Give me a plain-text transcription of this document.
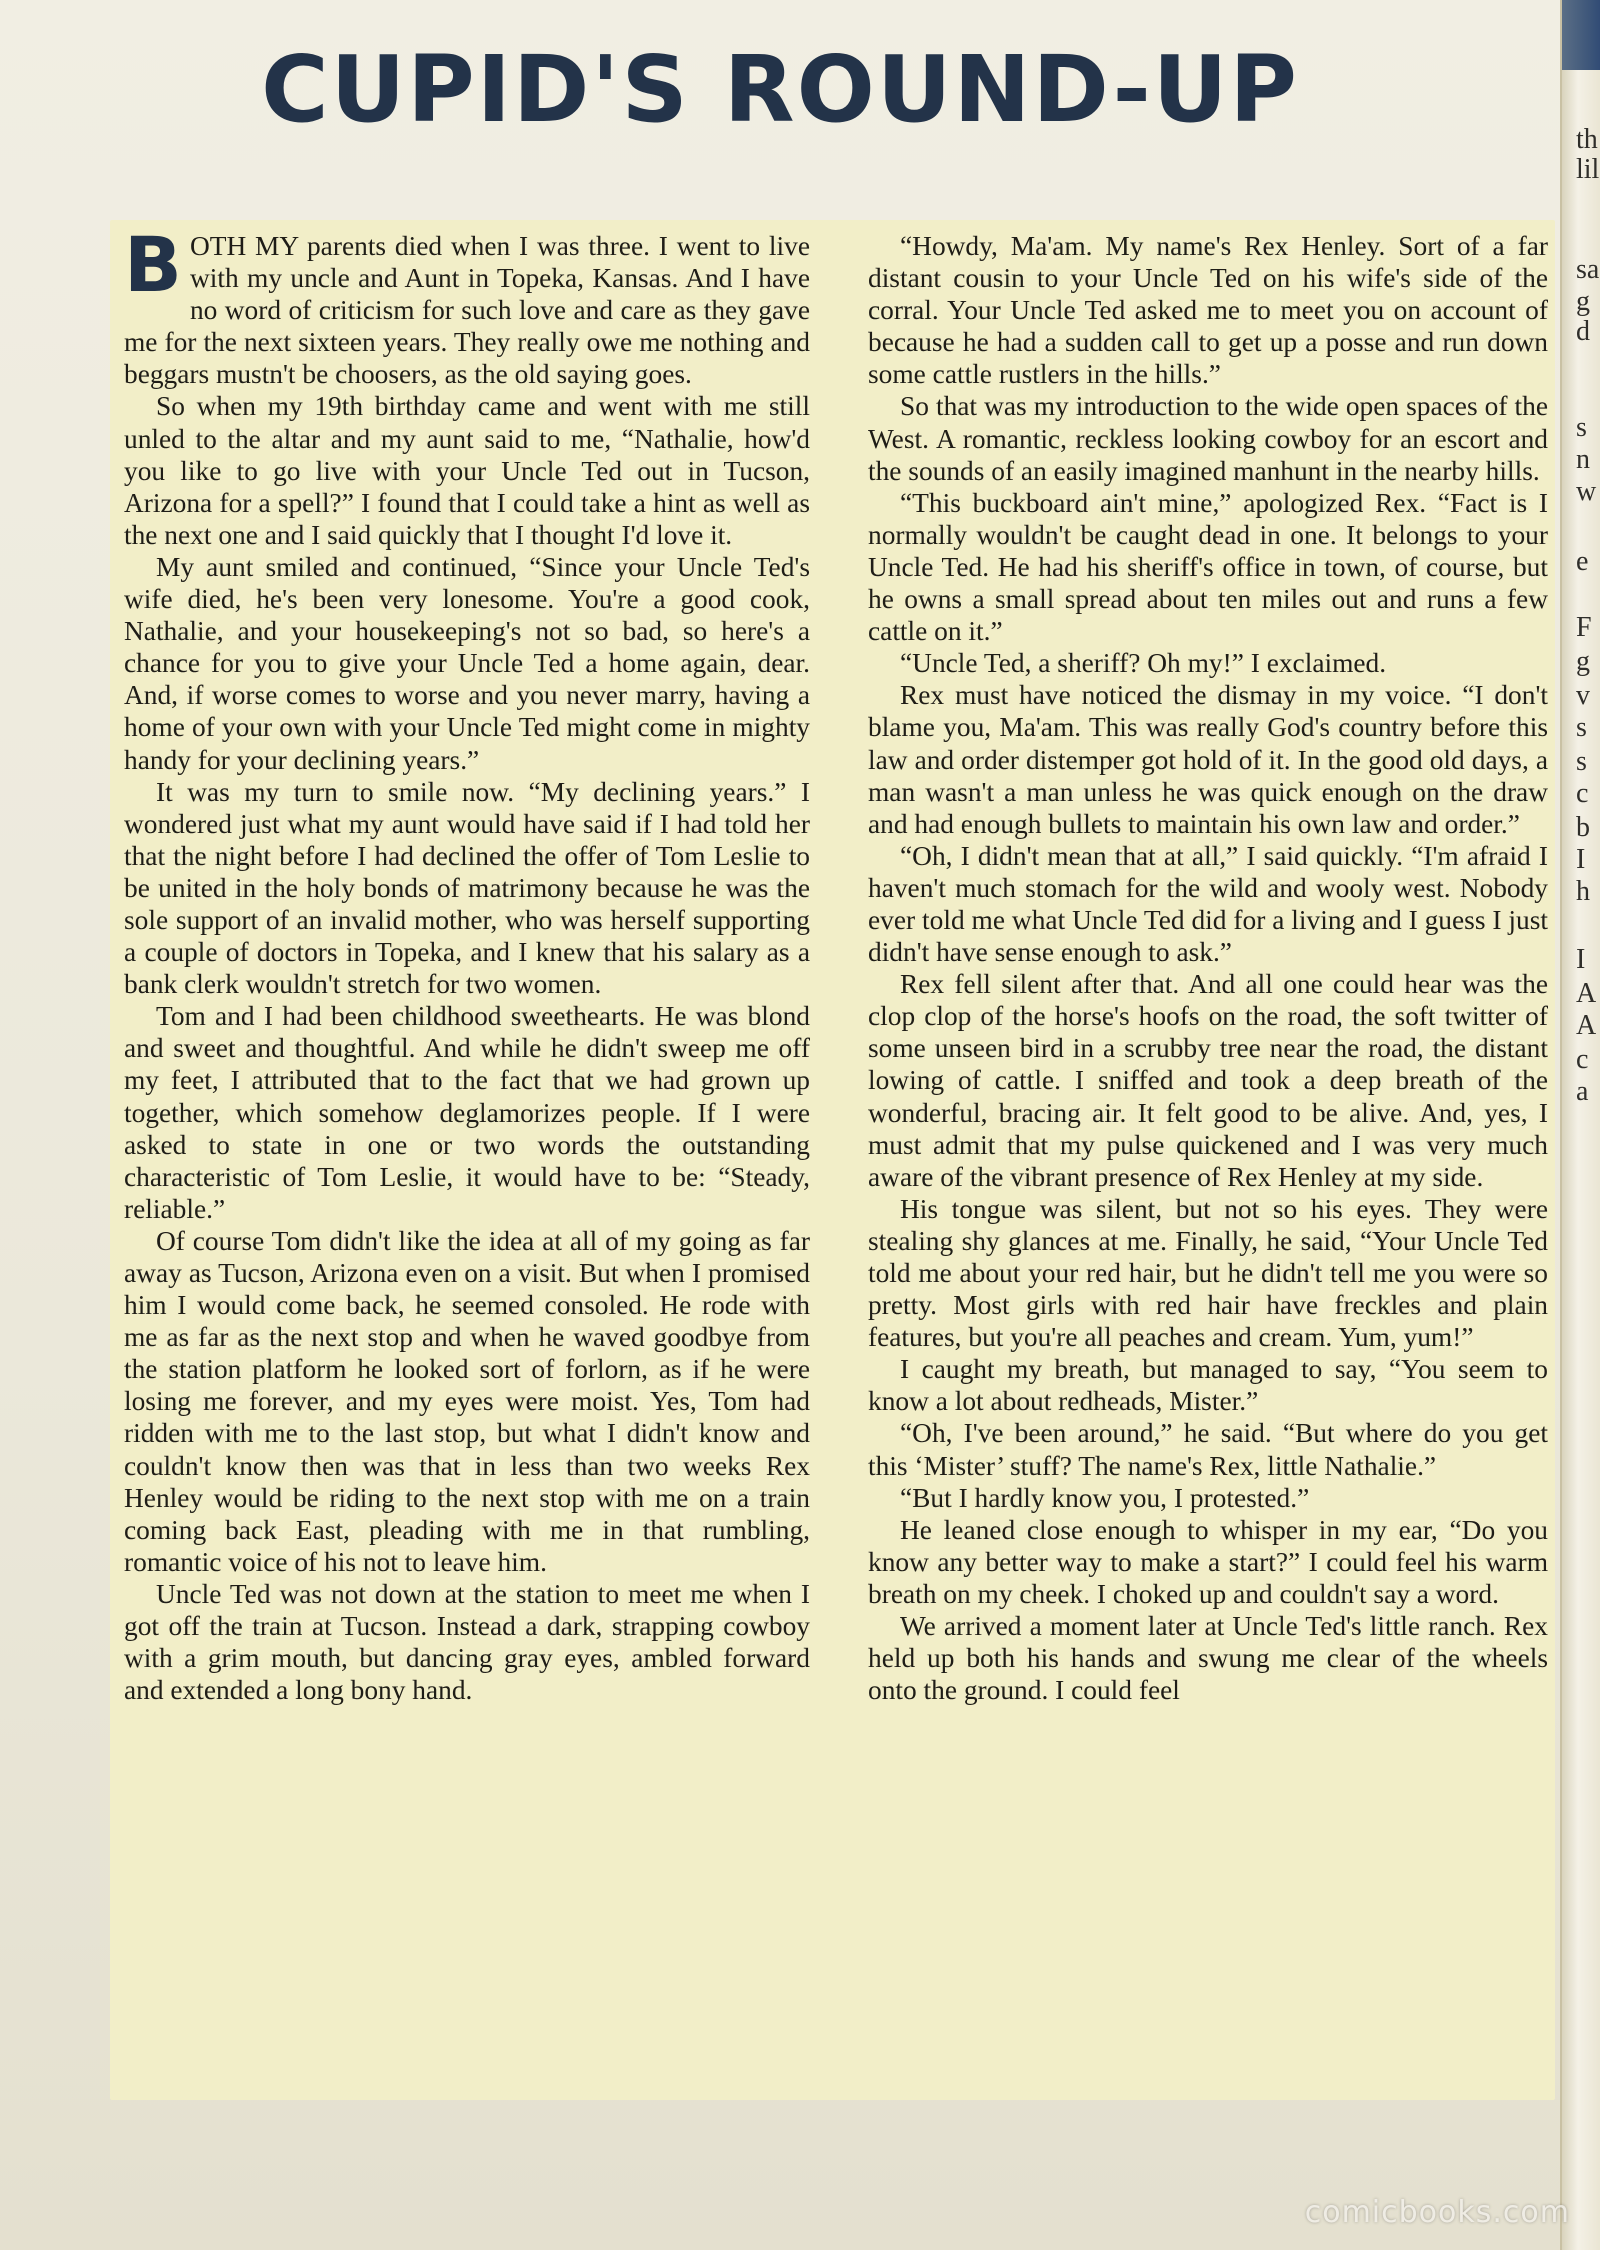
th
lil
sa
g
d
s
n
w
e
F
g
v
s
s
c
b
I
h
I
A
A
c
a
CUPID'S ROUND-UP

BOTH MY parents died when I was three. I went to live with my uncle and Aunt in Topeka, Kansas. And I have no word of criticism for such love and care as they gave me for the next sixteen years. They really owe me nothing and beggars mustn't be choosers, as the old saying goes.

So when my 19th birthday came and went with me still unled to the altar and my aunt said to me, “Nathalie, how'd you like to go live with your Uncle Ted out in Tucson, Arizona for a spell?” I found that I could take a hint as well as the next one and I said quickly that I thought I'd love it.

My aunt smiled and continued, “Since your Uncle Ted's wife died, he's been very lonesome. You're a good cook, Nathalie, and your housekeeping's not so bad, so here's a chance for you to give your Uncle Ted a home again, dear. And, if worse comes to worse and you never marry, having a home of your own with your Uncle Ted might come in mighty handy for your declining years.”

It was my turn to smile now. “My declining years.” I wondered just what my aunt would have said if I had told her that the night before I had declined the offer of Tom Leslie to be united in the holy bonds of matrimony because he was the sole support of an invalid mother, who was herself supporting a couple of doctors in Topeka, and I knew that his salary as a bank clerk wouldn't stretch for two women.

Tom and I had been childhood sweethearts. He was blond and sweet and thoughtful. And while he didn't sweep me off my feet, I attributed that to the fact that we had grown up together, which somehow deglamorizes people. If I were asked to state in one or two words the outstanding characteristic of Tom Leslie, it would have to be: “Steady, reliable.”

Of course Tom didn't like the idea at all of my going as far away as Tucson, Arizona even on a visit. But when I promised him I would come back, he seemed consoled. He rode with me as far as the next stop and when he waved goodbye from the station platform he looked sort of forlorn, as if he were losing me forever, and my eyes were moist. Yes, Tom had ridden with me to the last stop, but what I didn't know and couldn't know then was that in less than two weeks Rex Henley would be riding to the next stop with me on a train coming back East, pleading with me in that rumbling, romantic voice of his not to leave him.

Uncle Ted was not down at the station to meet me when I got off the train at Tucson. Instead a dark, strapping cowboy with a grim mouth, but dancing gray eyes, ambled forward and extended a long bony hand.

“Howdy, Ma'am. My name's Rex Henley. Sort of a far distant cousin to your Uncle Ted on his wife's side of the corral. Your Uncle Ted asked me to meet you on account of because he had a sudden call to get up a posse and run down some cattle rustlers in the hills.”

So that was my introduction to the wide open spaces of the West. A romantic, reckless looking cowboy for an escort and the sounds of an easily imagined manhunt in the nearby hills.

“This buckboard ain't mine,” apologized Rex. “Fact is I normally wouldn't be caught dead in one. It belongs to your Uncle Ted. He had his sheriff's office in town, of course, but he owns a small spread about ten miles out and runs a few cattle on it.”

“Uncle Ted, a sheriff? Oh my!” I exclaimed.

Rex must have noticed the dismay in my voice. “I don't blame you, Ma'am. This was really God's country before this law and order distemper got hold of it. In the good old days, a man wasn't a man unless he was quick enough on the draw and had enough bullets to maintain his own law and order.”

“Oh, I didn't mean that at all,” I said quickly. “I'm afraid I haven't much stomach for the wild and wooly west. Nobody ever told me what Uncle Ted did for a living and I guess I just didn't have sense enough to ask.”

Rex fell silent after that. And all one could hear was the clop clop of the horse's hoofs on the road, the soft twitter of some unseen bird in a scrubby tree near the road, the distant lowing of cattle. I sniffed and took a deep breath of the wonderful, bracing air. It felt good to be alive. And, yes, I must admit that my pulse quickened and I was very much aware of the vibrant presence of Rex Henley at my side.

His tongue was silent, but not so his eyes. They were stealing shy glances at me. Finally, he said, “Your Uncle Ted told me about your red hair, but he didn't tell me you were so pretty. Most girls with red hair have freckles and plain features, but you're all peaches and cream. Yum, yum!”

I caught my breath, but managed to say, “You seem to know a lot about redheads, Mister.”

“Oh, I've been around,” he said. “But where do you get this ‘Mister’ stuff? The name's Rex, little Nathalie.”

“But I hardly know you, I protested.”

He leaned close enough to whisper in my ear, “Do you know any better way to make a start?” I could feel his warm breath on my cheek. I choked up and couldn't say a word.

We arrived a moment later at Uncle Ted's little ranch. Rex held up both his hands and swung me clear of the wheels onto the ground. I could feel

comicbooks.com
